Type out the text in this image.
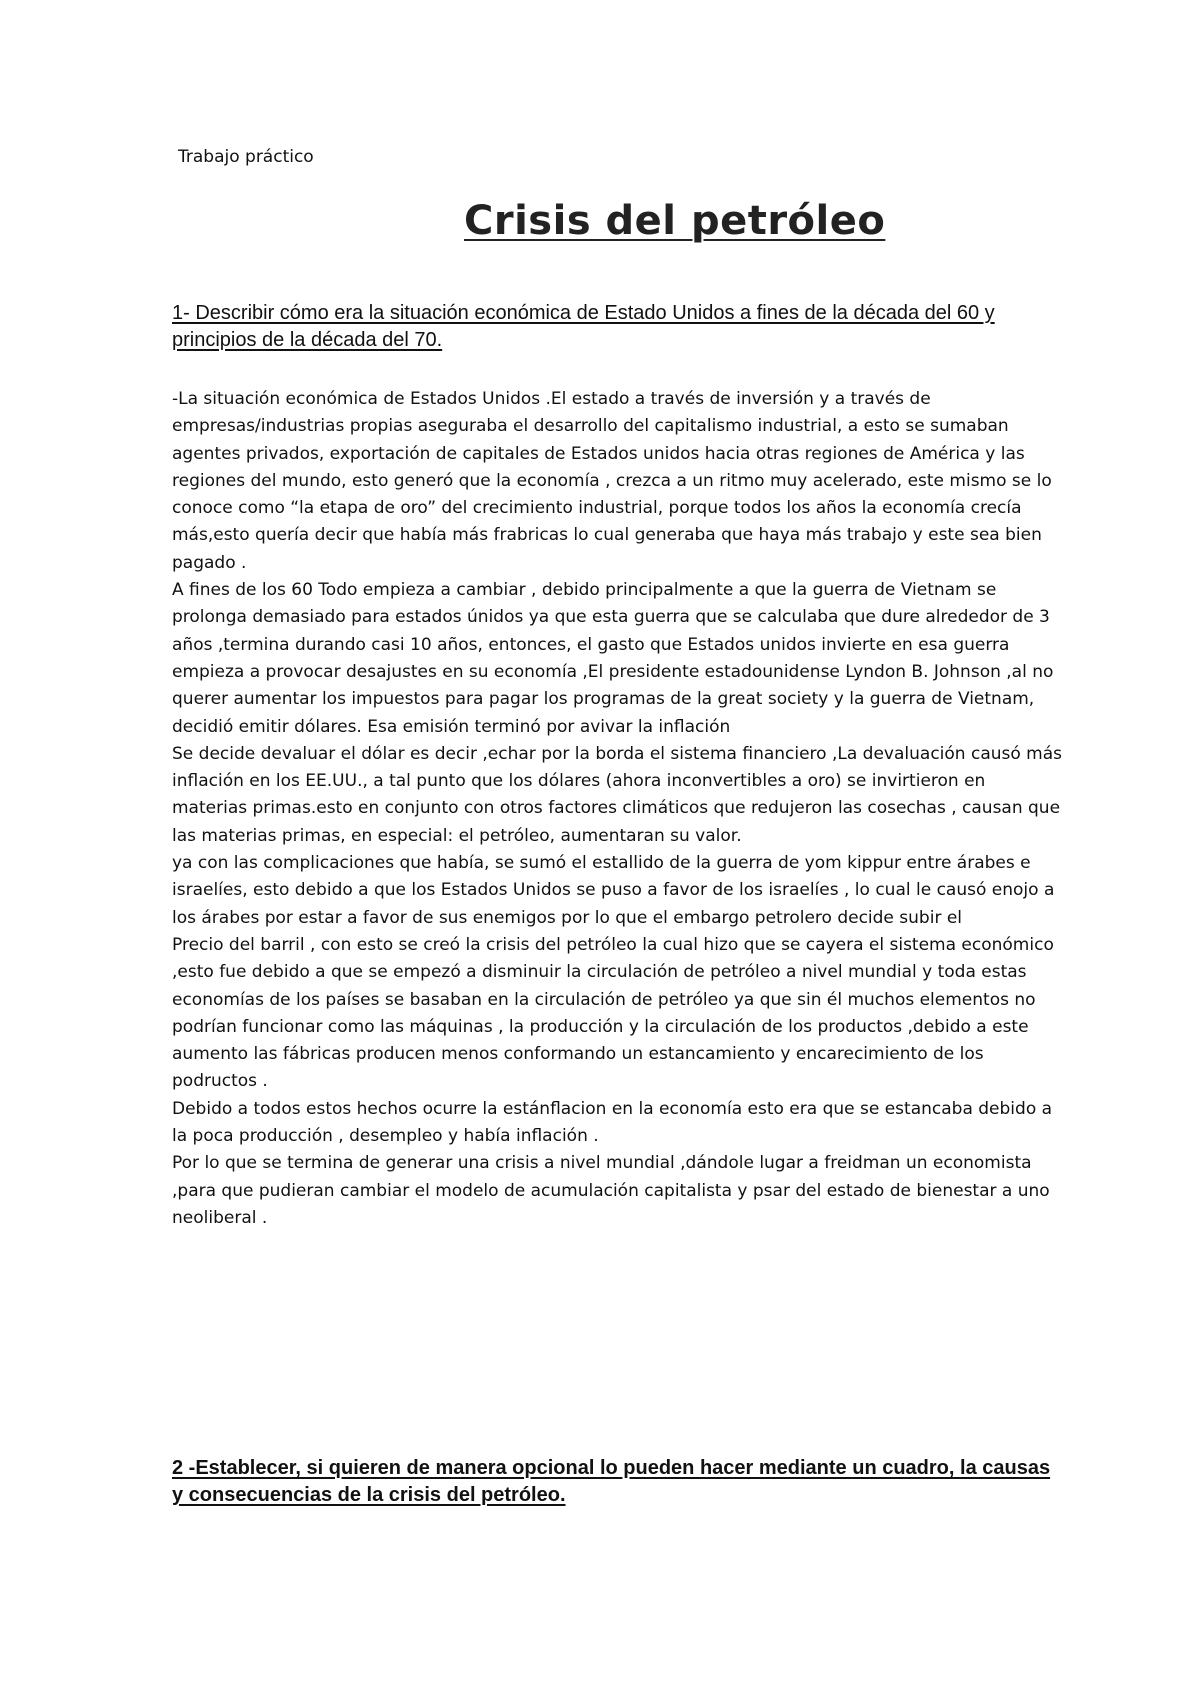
Trabajo práctico

Crisis del petróleo

1- Describir cómo era la situación económica de Estado Unidos a fines de la década del 60 y principios de la década del 70.

-La situación económica de Estados Unidos .El estado a través de inversión y a través de empresas/industrias propias aseguraba el desarrollo del capitalismo industrial, a esto se sumaban agentes privados, exportación de capitales de Estados unidos hacia otras regiones de América y las regiones del mundo, esto generó que la economía , crezca a un ritmo muy acelerado, este mismo se lo conoce como “la etapa de oro” del crecimiento industrial, porque todos los años la economía crecía más,esto quería decir que había más frabricas lo cual generaba que haya más trabajo y este sea bien pagado .
A fines de los 60 Todo empieza a cambiar , debido principalmente a que la guerra de Vietnam se prolonga demasiado para estados únidos ya que esta guerra que se calculaba que dure alrededor de 3 años ,termina durando casi 10 años, entonces, el gasto que Estados unidos invierte en esa guerra empieza a provocar desajustes en su economía ,El presidente estadounidense Lyndon B. Johnson ,al no querer aumentar los impuestos para pagar los programas de la great society y la guerra de Vietnam, decidió emitir dólares. Esa emisión terminó por avivar la inflación
Se decide devaluar el dólar es decir ,echar por la borda el sistema financiero ,La devaluación causó más inflación en los EE.UU., a tal punto que los dólares (ahora inconvertibles a oro) se invirtieron en materias primas.esto en conjunto con otros factores climáticos que redujeron las cosechas , causan que las materias primas, en especial: el petróleo, aumentaran su valor.
ya con las complicaciones que había, se sumó el estallido de la guerra de yom kippur entre árabes e israelíes, esto debido a que los Estados Unidos se puso a favor de los israelíes , lo cual le causó enojo a los árabes por estar a favor de sus enemigos por lo que el embargo petrolero decide subir el
Precio del barril , con esto se creó la crisis del petróleo la cual hizo que se cayera el sistema económico ,esto fue debido a que se empezó a disminuir la circulación de petróleo a nivel mundial y toda estas economías de los países se basaban en la circulación de petróleo ya que sin él muchos elementos no podrían funcionar como las máquinas , la producción y la circulación de los productos ,debido a este aumento las fábricas producen menos conformando un estancamiento y encarecimiento de los podructos .
Debido a todos estos hechos ocurre la estánflacion en la economía esto era que se estancaba debido a la poca producción , desempleo y había inflación .
Por lo que se termina de generar una crisis a nivel mundial ,dándole lugar a freidman un economista ,para que pudieran cambiar el modelo de acumulación capitalista y psar del estado de bienestar a uno neoliberal .

2 -Establecer, si quieren de manera opcional lo pueden hacer mediante un cuadro, la causas y consecuencias de la crisis del petróleo.
